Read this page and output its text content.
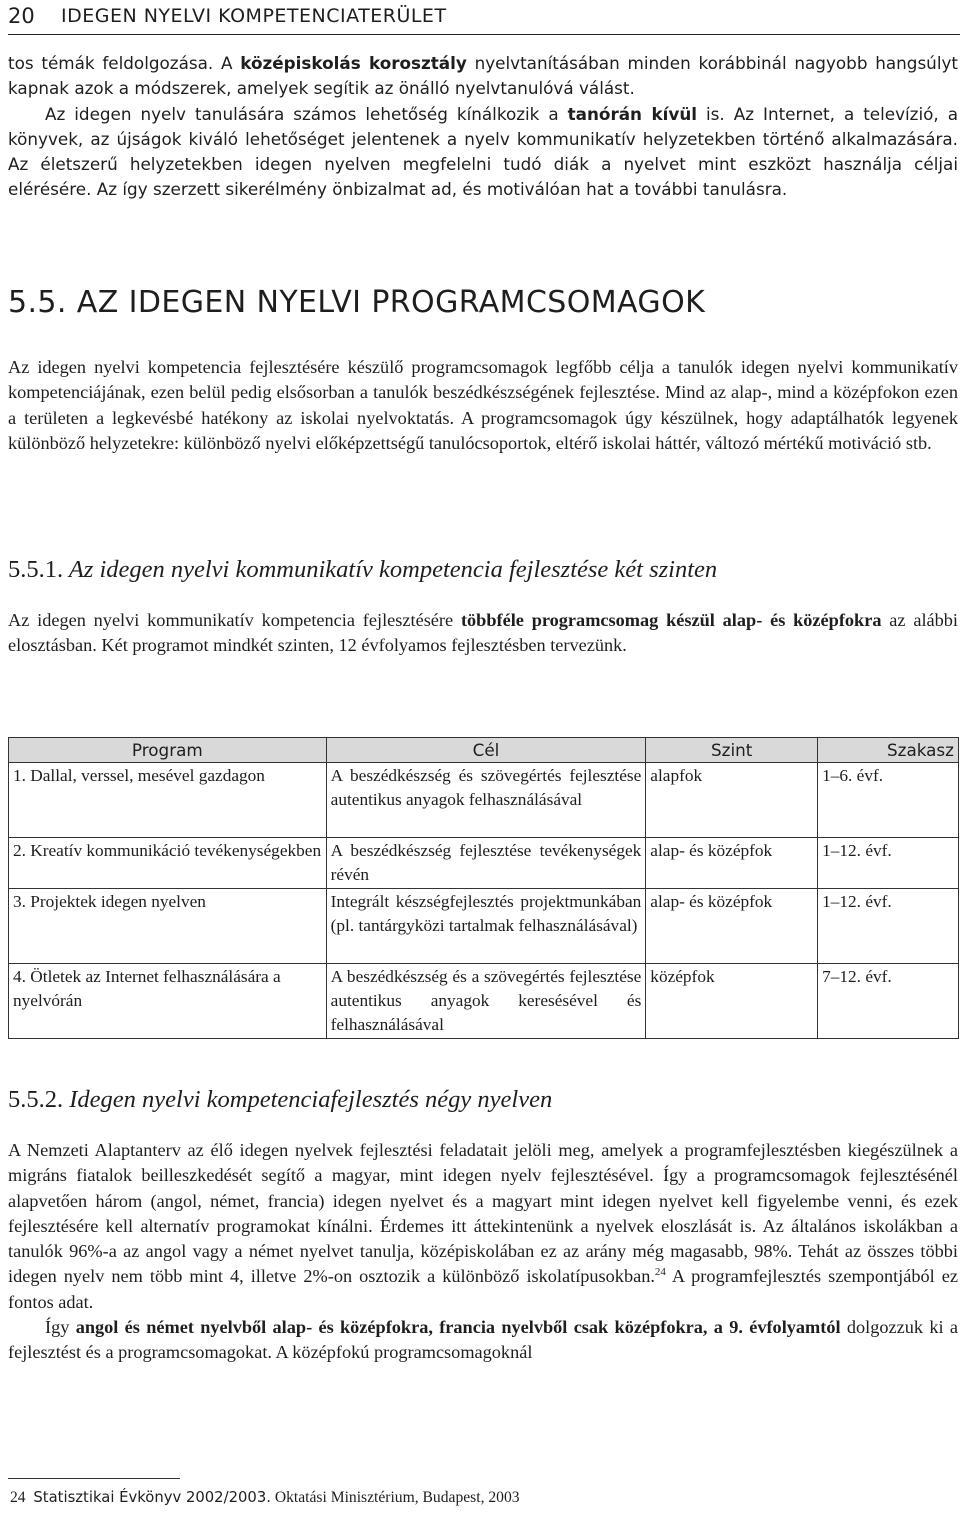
20 IDEGEN NYELVI KOMPETENCIATERÜLET

tos témák feldolgozása. A középiskolás korosztály nyelvtanításában minden korábbinál nagyobb hangsúlyt kapnak azok a módszerek, amelyek segítik az önálló nyelvtanulóvá válást.

Az idegen nyelv tanulására számos lehetőség kínálkozik a tanórán kívül is. Az Internet, a televízió, a könyvek, az újságok kiváló lehetőséget jelentenek a nyelv kommunikatív helyzetekben történő alkalmazására. Az életszerű helyzetekben idegen nyelven megfelelni tudó diák a nyelvet mint eszközt használja céljai elérésére. Az így szerzett sikerélmény önbizalmat ad, és motiválóan hat a további tanulásra.

5.5. AZ IDEGEN NYELVI PROGRAMCSOMAGOK

Az idegen nyelvi kompetencia fejlesztésére készülő programcsomagok legfőbb célja a tanulók idegen nyelvi kommunikatív kompetenciájának, ezen belül pedig elsősorban a tanulók beszédkészségének fejlesztése. Mind az alap-, mind a középfokon ezen a területen a legkevésbé hatékony az iskolai nyelvoktatás. A programcsomagok úgy készülnek, hogy adaptálhatók legyenek különböző helyzetekre: különböző nyelvi előképzettségű tanulócsoportok, eltérő iskolai háttér, változó mértékű motiváció stb.

5.5.1. Az idegen nyelvi kommunikatív kompetencia fejlesztése két szinten

Az idegen nyelvi kommunikatív kompetencia fejlesztésére többféle programcsomag készül alap- és középfokra az alábbi elosztásban. Két programot mindkét szinten, 12 évfolyamos fejlesztésben tervezünk.

Program	Cél	Szint	Szakasz
1. Dallal, verssel, mesével gazdagon	A beszédkészség és szövegértés fejlesztése autentikus anyagok felhasználásával	alapfok	1–6. évf.
2. Kreatív kommunikáció tevékenységekben	A beszédkészség fejlesztése tevékenységek révén	alap- és középfok	1–12. évf.
3. Projektek idegen nyelven	Integrált készségfejlesztés projektmunkában (pl. tantárgyközi tartalmak felhasználásával)	alap- és középfok	1–12. évf.
4. Ötletek az Internet felhasználására a nyelvórán	A beszédkészség és a szövegértés fejlesztése autentikus anyagok keresésével és felhasználásával	középfok	7–12. évf.
5.5.2. Idegen nyelvi kompetenciafejlesztés négy nyelven

A Nemzeti Alaptanterv az élő idegen nyelvek fejlesztési feladatait jelöli meg, amelyek a programfejlesztésben kiegészülnek a migráns fiatalok beilleszkedését segítő a magyar, mint idegen nyelv fejlesztésével. Így a programcsomagok fejlesztésénél alapvetően három (angol, német, francia) idegen nyelvet és a magyart mint idegen nyelvet kell figyelembe venni, és ezek fejlesztésére kell alternatív programokat kínálni. Érdemes itt áttekintenünk a nyelvek eloszlását is. Az általános iskolákban a tanulók 96%-a az angol vagy a német nyelvet tanulja, középiskolában ez az arány még magasabb, 98%. Tehát az összes többi idegen nyelv nem több mint 4, illetve 2%-on osztozik a különböző iskolatípusokban.$^{24}$ A programfejlesztés szempontjából ez fontos adat.

Így angol és német nyelvből alap- és középfokra, francia nyelvből csak középfokra, a 9. évfolyamtól dolgozzuk ki a fejlesztést és a programcsomagokat. A középfokú programcsomagoknál

24 Statisztikai Évkönyv 2002/2003. Oktatási Minisztérium, Budapest, 2003
